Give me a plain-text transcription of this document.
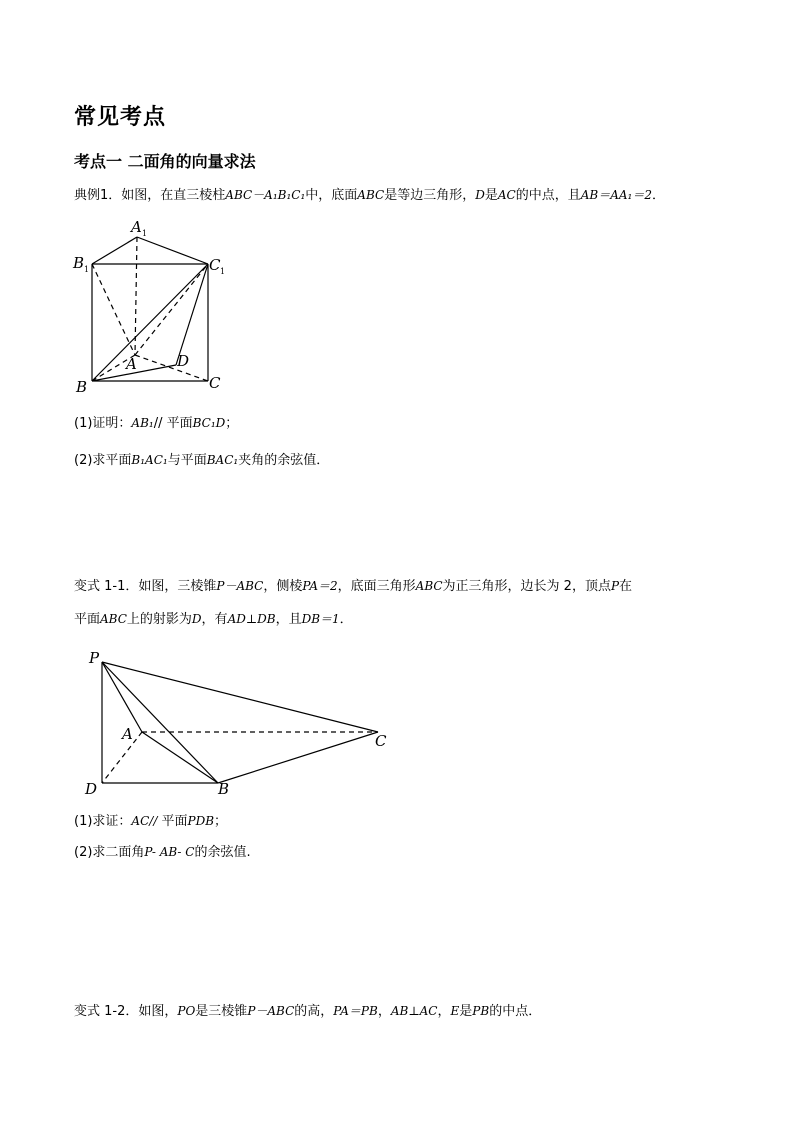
常见考点
考点一 二面角的向量求法
典例1．如图，在直三棱柱ABC－A₁B₁C₁中，底面ABC是等边三角形，D是AC的中点，且AB＝AA₁＝2．
A 1
B 1	C 1
A	D
B	C
(1)证明：AB₁// 平面BC₁D；
(2)求平面B₁AC₁与平面BAC₁夹角的余弦值．
变式 1-1．如图，三棱锥P－ABC，侧棱PA＝2，底面三角形ABC为正三角形，边长为 2，顶点P在
平面ABC上的射影为D，有AD⊥DB，且DB＝1．
P
A	C
D	B
(1)求证：AC// 平面PDB；
(2)求二面角P- AB- C的余弦值.
变式 1-2．如图，PO是三棱锥P－ABC的高，PA＝PB，AB⊥AC，E是PB的中点．
